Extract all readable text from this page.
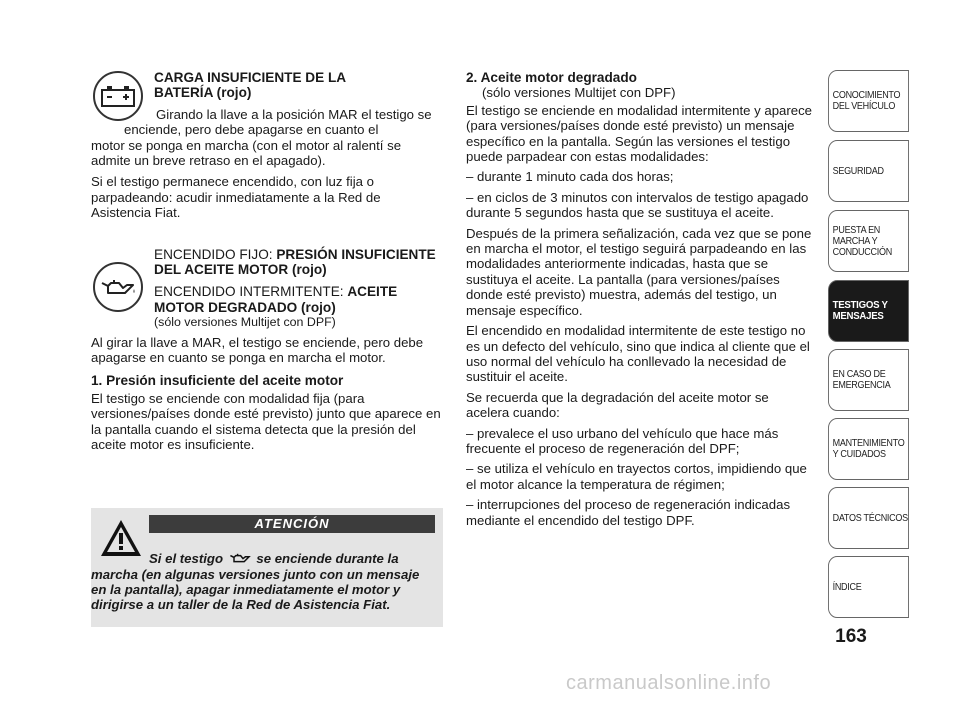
CARGA INSUFICIENTE DE LA BATERÍA (rojo)

Girando la llave a la posición MAR el testigo se

enciende, pero debe apagarse en cuanto el

motor se ponga en marcha (con el motor al ralentí se admite un breve retraso en el apagado).

Si el testigo permanece encendido, con luz fija o parpadeando: acudir inmediatamente a la Red de Asistencia Fiat.

ENCENDIDO FIJO: PRESIÓN INSUFICIENTE DEL ACEITE MOTOR (rojo)

ENCENDIDO INTERMITENTE: ACEITE MOTOR DEGRADADO (rojo)

(sólo versiones Multijet con DPF)

Al girar la llave a MAR, el testigo se enciende, pero debe apagarse en cuanto se ponga en marcha el motor.

1. Presión insuficiente del aceite motor

El testigo se enciende con modalidad fija (para versiones/países donde esté previsto) junto que aparece en la pantalla cuando el sistema detecta que la presión del aceite motor es insuficiente.

ATENCIÓN

Si el testigo	se enciende durante la marcha (en algunas versiones junto con un mensaje en la pantalla), apagar inmediatamente el motor y dirigirse a un taller de la Red de Asistencia Fiat.

2. Aceite motor degradado

(sólo versiones Multijet con DPF)

El testigo se enciende en modalidad intermitente y aparece (para versiones/países donde esté previsto) un mensaje específico en la pantalla. Según las versiones el testigo puede parpadear con estas modalidades:

– durante 1 minuto cada dos horas;

– en ciclos de 3 minutos con intervalos de testigo apagado durante 5 segundos hasta que se sustituya el aceite.

Después de la primera señalización, cada vez que se pone en marcha el motor, el testigo seguirá parpadeando en las modalidades anteriormente indicadas, hasta que se sustituya el aceite. La pantalla (para versiones/países donde esté previsto) muestra, además del testigo, un mensaje específico.

El encendido en modalidad intermitente de este testigo no es un defecto del vehículo, sino que indica al cliente que el uso normal del vehículo ha conllevado la necesidad de sustituir el aceite.

Se recuerda que la degradación del aceite motor se acelera cuando:

– prevalece el uso urbano del vehículo que hace más frecuente el proceso de regeneración del DPF;

– se utiliza el vehículo en trayectos cortos, impidiendo que el motor alcance la temperatura de régimen;

– interrupciones del proceso de regeneración indicadas mediante el encendido del testigo DPF.

CONOCIMIENTO DEL VEHÍCULO
SEGURIDAD
PUESTA EN MARCHA Y CONDUCCIÓN
TESTIGOS Y MENSAJES
EN CASO DE EMERGENCIA
MANTENIMIENTO Y CUIDADOS
DATOS TÉCNICOS
ÍNDICE
163
carmanualsonline.info
